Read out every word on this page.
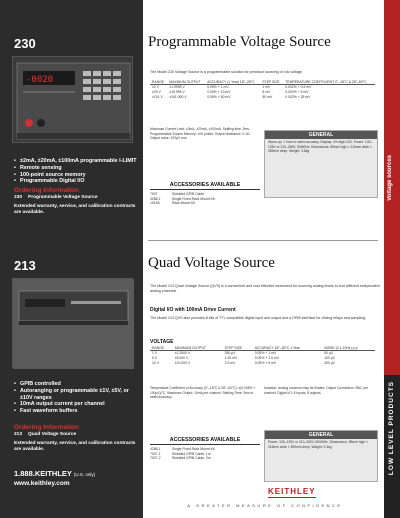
230
-0020
• ±2mA, ±20mA, ±100mA programmable I-LIMIT
• Remote sensing
• 100-point source memory
• Programmable Digital I/O
Ordering Information
230 Programmable Voltage Source
Extended warranty, service, and calibration contracts are available.
213
• GPIB controlled
• Autoranging or programmable ±1V, ±5V, or ±10V ranges
• 10mA output current per channel
• Fast waveform buffers
Ordering Information
213 Quad Voltage Source
Extended warranty, service, and calibration contracts are available.
1.888.KEITHLEY (U.S. only)
www.keithley.com
Voltage sources
LOW LEVEL PRODUCTS
Programmable Voltage Source
The Model 230 Voltage Source is a programmable solution for precision sourcing of ±dc voltage.
RANGE	MAXIMUM OUTPUT	ACCURACY (1 Year) 18°–28°C	STEP SIZE	TEMPERATURE COEFFICIENT 0°–18°C & 28°–50°C
±2 V	±1.9995 V	0.05% + 1 mV	1 mV	0.002% + 0.5 mV
±20 V	±19.995 V	0.05% + 10 mV	5 mV	0.002% + 5 mV
±101 V	±101.000 V	0.05% + 50 mV	50 mV	0.002% + 25 mV
Maximum Current Limit: ±2mA, ±20mA, ±100mA. Settling time: 3ms. Programmable Source Memory: 100 points. Output resistance: 0.1Ω. Output noise: 100μV rms.
ACCESSORIES AVAILABLE
7007	Shielded GPIB Cable
4288-1	Single Fixed Rack Mount Kit
1019A	Rack Mount Kit
GENERAL

Warm-up: 1 hour to rated accuracy. Display: 4½ digit LED. Power: 105–125V or 210–250V, 50/60Hz. Dimensions: 89mm high × 216mm wide × 359mm deep. Weight: 3.6kg.

Quad Voltage Source
The Model 213 Quad Voltage Source (QVS) is a convenient and cost-effective instrument for sourcing analog levels to four different independent analog channels.
Digital I/O with 100mA Drive Current
The Model 213 QVS also provides 8 bits of TTL compatible digital input and output and a GPIB interface for driving relays and sampling.
VOLTAGE
RANGE	MAXIMUM OUTPUT	STEP SIZE	ACCURACY 18°–28°C 1 Year	NOISE (0.1-10Hz) p-p
1 V	±1.2500 V	250 μV	0.05% + 1 mV	50 μV
5 V	±5.000 V	1.25 mV	0.05% + 2.5 mV	100 μV
10 V	±10.000 V	2.5 mV	0.05% + 5 mV	250 μV
Temperature Coefficient of Accuracy (0°–18°C & 28°–50°C): ±(0.005% + 100μV)/°C. Maximum Output: 10mA per channel. Settling Time: 3ms to rated accuracy.
Isolation: Analog common may be floated. Output Connection: BNC per channel. Digital I/O: 8 inputs, 8 outputs.
ACCESSORIES AVAILABLE
4288-1	Single Fixed Rack Mount Kit
7007-1	Shielded GPIB Cable, 1m
7007-2	Shielded GPIB Cable, 2m
GENERAL

Power: 105–125V or 210–250V, 50/60Hz. Dimensions: 89mm high × 216mm wide × 359mm deep. Weight: 3.3kg.

KEITHLEY
A GREATER MEASURE OF CONFIDENCE
